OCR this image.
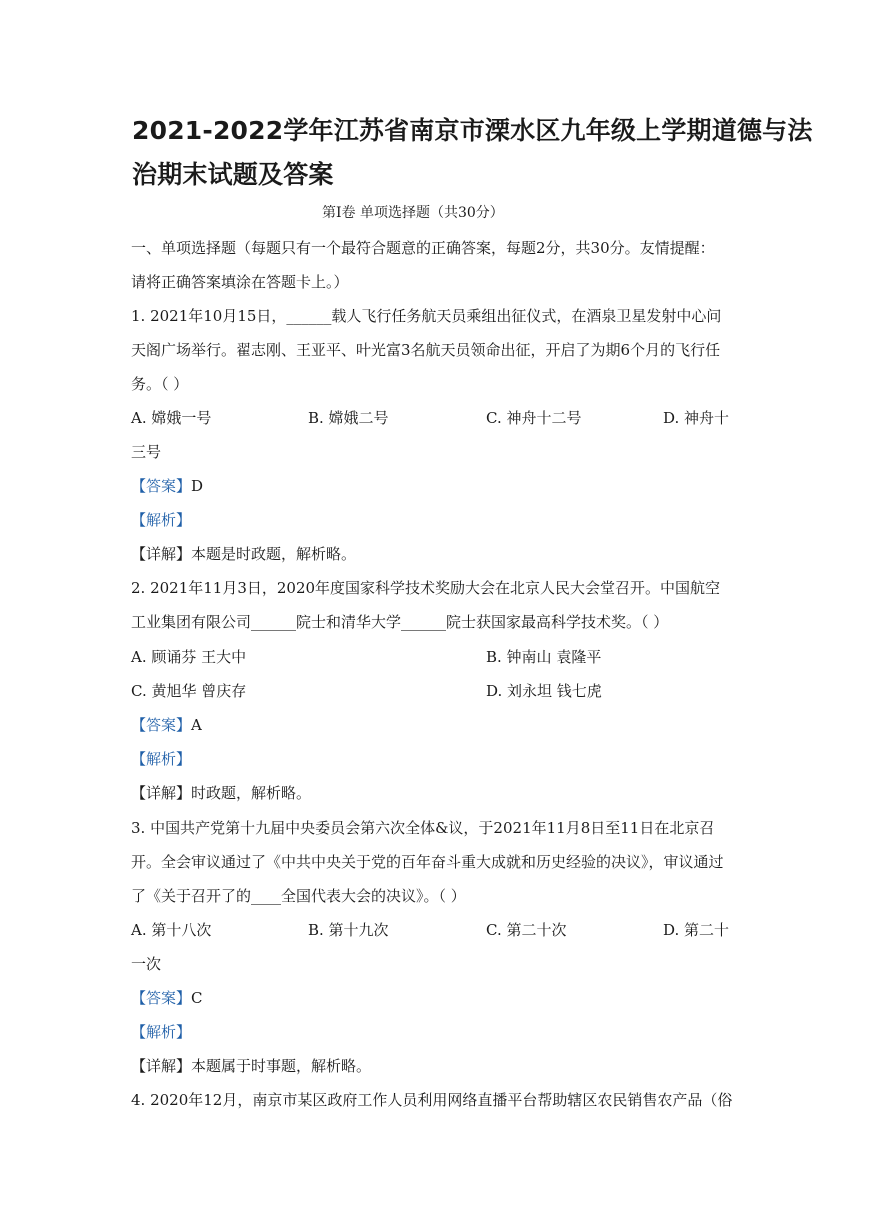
2021-2022学年江苏省南京市溧水区九年级上学期道德与法
治期末试题及答案
第Ⅰ卷 单项选择题（共30分）
一、单项选择题（每题只有一个最符合题意的正确答案，每题2分，共30分。友情提醒：
请将正确答案填涂在答题卡上。）
1. 2021年10月15日，______载人飞行任务航天员乘组出征仪式，在酒泉卫星发射中心问
天阁广场举行。翟志刚、王亚平、叶光富3名航天员领命出征，开启了为期6个月的飞行任
务。（ ）
A. 嫦娥一号	B. 嫦娥二号	C. 神舟十二号	D. 神舟十
三号
【答案】D
【解析】
【详解】本题是时政题，解析略。
2. 2021年11月3日，2020年度国家科学技术奖励大会在北京人民大会堂召开。中国航空
工业集团有限公司______院士和清华大学______院士获国家最高科学技术奖。（ ）
A. 顾诵芬 王大中	B. 钟南山 袁隆平
C. 黄旭华 曾庆存	D. 刘永坦 钱七虎
【答案】A
【解析】
【详解】时政题，解析略。
3. 中国共产党第十九届中央委员会第六次全体&议，于2021年11月8日至11日在北京召
开。全会审议通过了《中共中央关于党的百年奋斗重大成就和历史经验的决议》，审议通过
了《关于召开了的____全国代表大会的决议》。（ ）
A. 第十八次	B. 第十九次	C. 第二十次	D. 第二十
一次
【答案】C
【解析】
【详解】本题属于时事题，解析略。
4. 2020年12月，南京市某区政府工作人员利用网络直播平台帮助辖区农民销售农产品（俗
